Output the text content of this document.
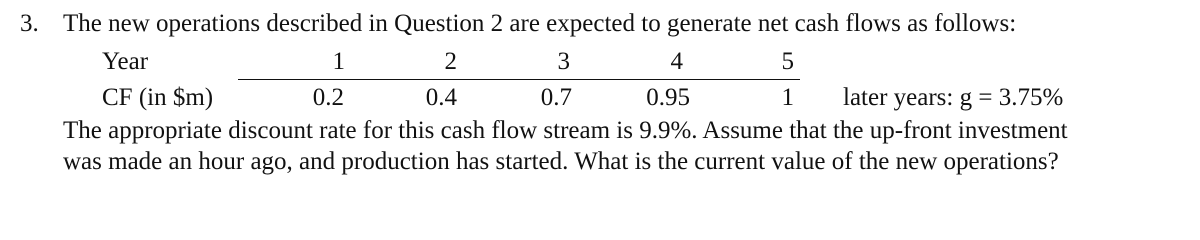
3. The new operations described in Question 2 are expected to generate net cash flows as follows:
Year	1	2	3	4	5
CF (in $m)	0.2	0.4	0.7	0.95	1 later years: g = 3.75%
The appropriate discount rate for this cash flow stream is 9.9%. Assume that the up-front investment
was made an hour ago, and production has started. What is the current value of the new operations?
